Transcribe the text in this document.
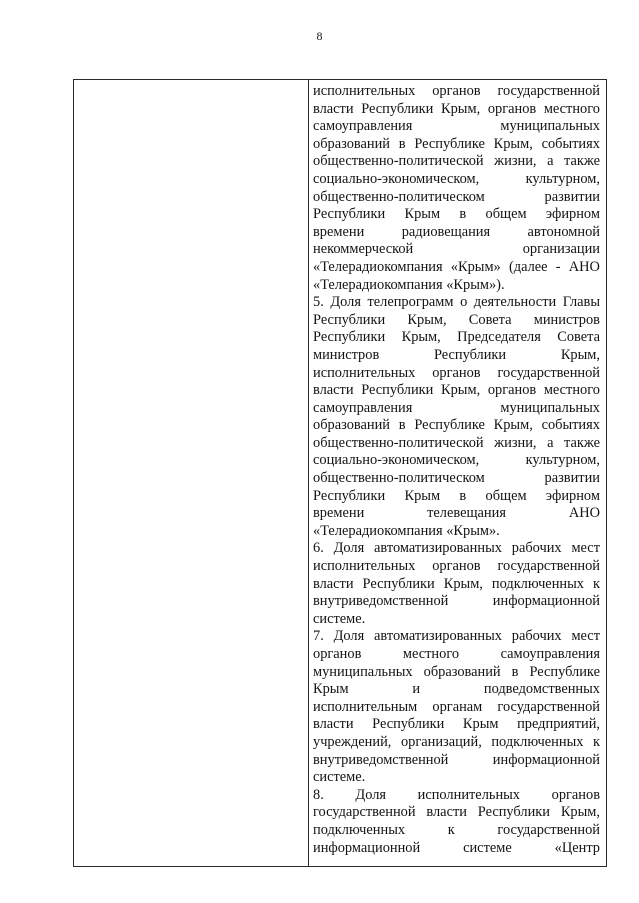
8
исполнительных органов государственной
власти Республики Крым, органов местного
самоуправления	муниципальных
образований в Республике Крым, событиях
общественно-политической жизни, а также
социально-экономическом,	культурном,
общественно-политическом	развитии
Республики Крым в общем эфирном
времени	радиовещания	автономной
некоммерческой	организации
«Телерадиокомпания «Крым» (далее - АНО
«Телерадиокомпания «Крым»).
5. Доля телепрограмм о деятельности Главы
Республики Крым, Совета министров
Республики Крым, Председателя Совета
министров	Республики	Крым,
исполнительных органов государственной
власти Республики Крым, органов местного
самоуправления	муниципальных
образований в Республике Крым, событиях
общественно-политической жизни, а также
социально-экономическом,	культурном,
общественно-политическом	развитии
Республики Крым в общем эфирном
времени	телевещания	АНО
«Телерадиокомпания «Крым».
6. Доля автоматизированных рабочих мест
исполнительных органов государственной
власти Республики Крым, подключенных к
внутриведомственной	информационной
системе.
7. Доля автоматизированных рабочих мест
органов	местного	самоуправления
муниципальных образований в Республике
Крым	и	подведомственных
исполнительным органам государственной
власти Республики Крым предприятий,
учреждений, организаций, подключенных к
внутриведомственной	информационной
системе.
8. Доля исполнительных органов
государственной власти Республики Крым,
подключенных	к	государственной
информационной	системе	«Центр
